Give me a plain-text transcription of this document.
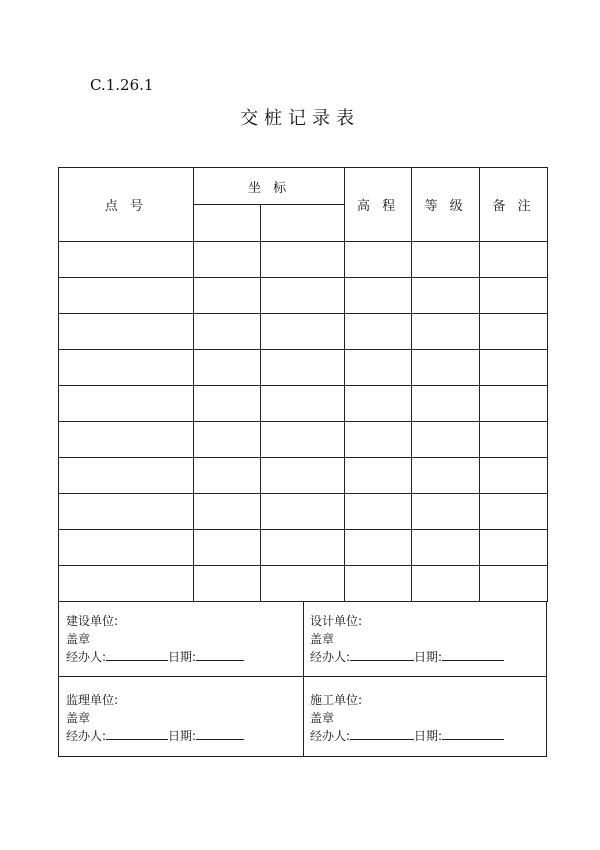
C.1.26.1
交桩记录表
点 号	坐 标		高 程	等 级	备 注

建设单位:
盖章
经办人:	日期:
设计单位:
盖章
经办人:	日期:
监理单位:
盖章
经办人:	日期:
施工单位:
盖章
经办人:	日期:
